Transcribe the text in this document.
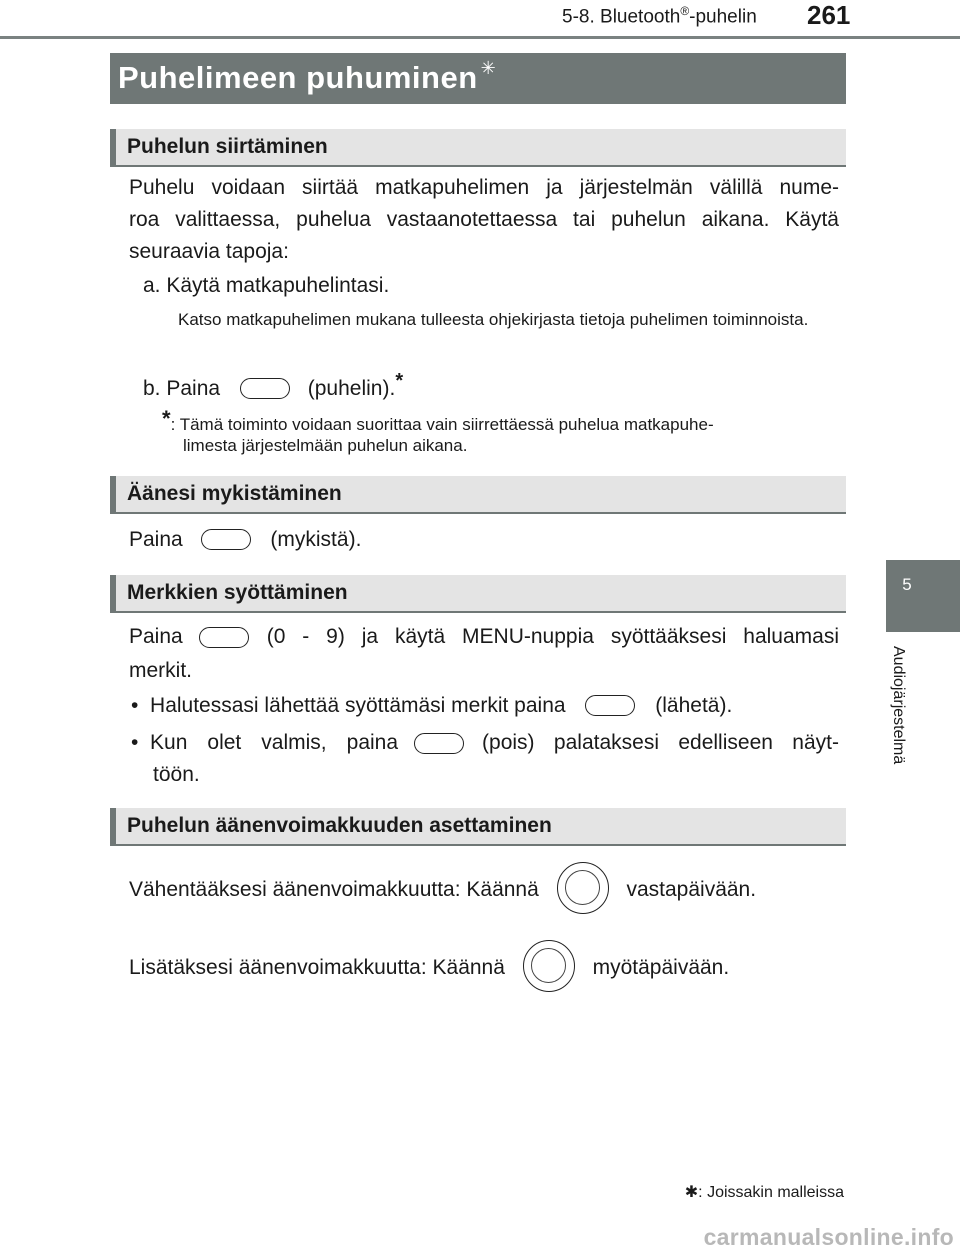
5-8. Bluetooth®-puhelin 261
5
Audiojärjestelmä
Puhelimeen puhuminen ✳
Puhelun siirtäminen
Puhelu voidaan siirtää matkapuhelimen ja järjestelmän välillä nume-
roa valittaessa, puhelua vastaanotettaessa tai puhelun aikana. Käytä
seuraavia tapoja:
a. Käytä matkapuhelintasi.
Katso matkapuhelimen mukana tulleesta ohjekirjasta tietoja puhelimen toiminnoista.
b. Paina	(puhelin).*
*: Tämä toiminto voidaan suorittaa vain siirrettäessä puhelua matkapuhe-
limesta järjestelmään puhelun aikana.
Äänesi mykistäminen
Paina	(mykistä).
Merkkien syöttäminen
Paina	(0 - 9) ja käytä MENU-nuppia syöttääksesi haluamasi
merkit.
• Halutessasi lähettää syöttämäsi merkit paina	(lähetä).
•
Kun olet valmis, paina	(pois) palataksesi edelliseen näyt-
töön.
Puhelun äänenvoimakkuuden asettaminen
Vähentääksesi äänenvoimakkuutta: Käännä	vastapäivään.
Lisätäksesi äänenvoimakkuutta: Käännä	myötäpäivään.
✱: Joissakin malleissa
carmanualsonline.info
